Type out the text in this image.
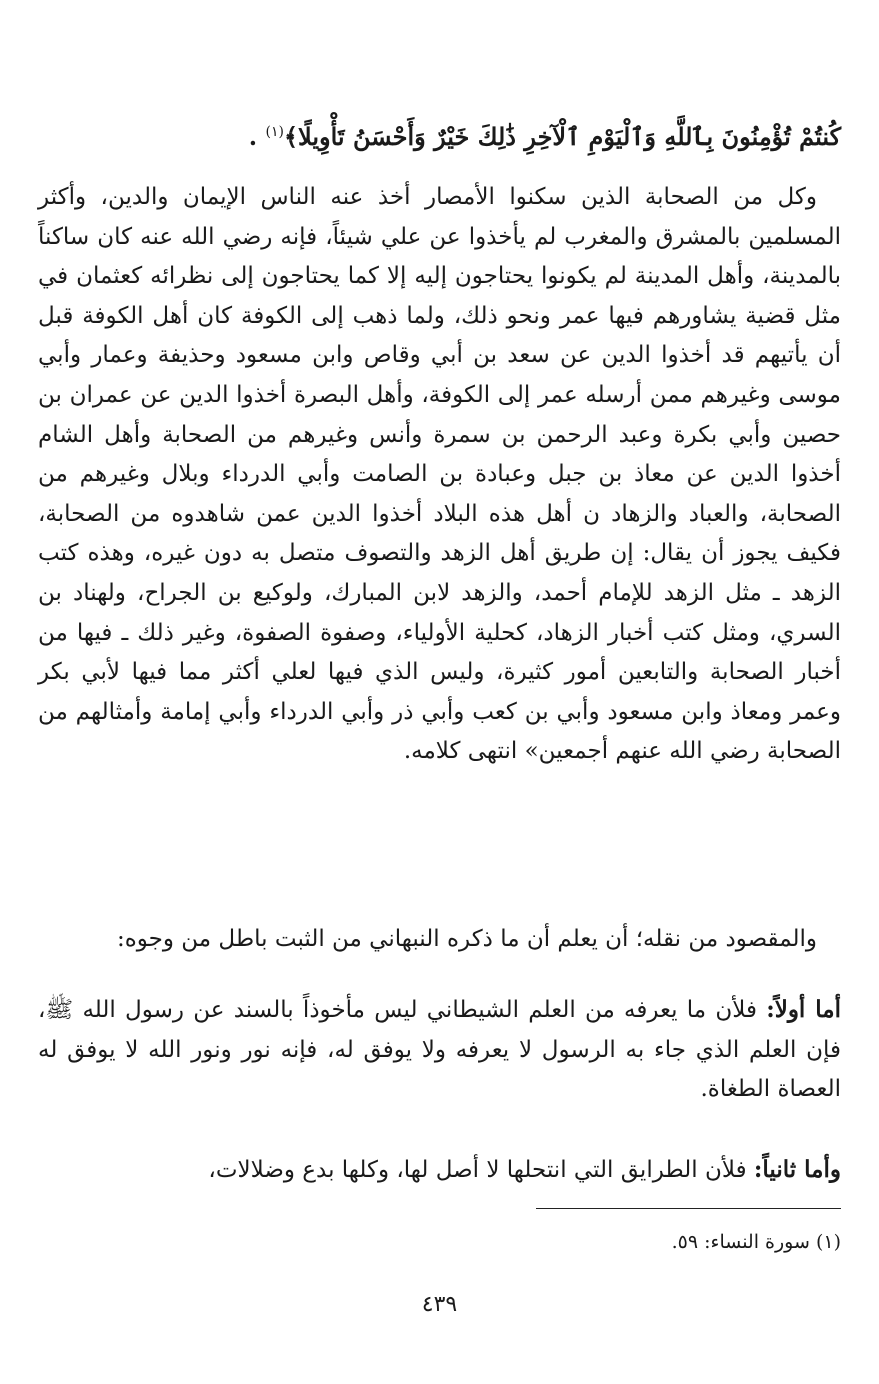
كُنتُمْ تُؤْمِنُونَ بِٱللَّهِ وَٱلْيَوْمِ ٱلْآخِرِ ذَٰلِكَ خَيْرٌ وَأَحْسَنُ تَأْوِيلًا﴾$^{(١)}$ .
وكل من الصحابة الذين سكنوا الأمصار أخذ عنه الناس الإيمان والدين، وأكثر المسلمين بالمشرق والمغرب لم يأخذوا عن علي شيئاً، فإنه رضي الله عنه كان ساكناً بالمدينة، وأهل المدينة لم يكونوا يحتاجون إليه إلا كما يحتاجون إلى نظرائه كعثمان في مثل قضية يشاورهم فيها عمر ونحو ذلك، ولما ذهب إلى الكوفة كان أهل الكوفة قبل أن يأتيهم قد أخذوا الدين عن سعد بن أبي وقاص وابن مسعود وحذيفة وعمار وأبي موسى وغيرهم ممن أرسله عمر إلى الكوفة، وأهل البصرة أخذوا الدين عن عمران بن حصين وأبي بكرة وعبد الرحمن بن سمرة وأنس وغيرهم من الصحابة وأهل الشام أخذوا الدين عن معاذ بن جبل وعبادة بن الصامت وأبي الدرداء وبلال وغيرهم من الصحابة، والعباد والزهاد ن أهل هذه البلاد أخذوا الدين عمن شاهدوه من الصحابة، فكيف يجوز أن يقال: إن طريق أهل الزهد والتصوف متصل به دون غيره، وهذه كتب الزهد ـ مثل الزهد للإمام أحمد، والزهد لابن المبارك، ولوكيع بن الجراح، ولهناد بن السري، ومثل كتب أخبار الزهاد، كحلية الأولياء، وصفوة الصفوة، وغير ذلك ـ فيها من أخبار الصحابة والتابعين أمور كثيرة، وليس الذي فيها لعلي أكثر مما فيها لأبي بكر وعمر ومعاذ وابن مسعود وأبي بن كعب وأبي ذر وأبي الدرداء وأبي إمامة وأمثالهم من الصحابة رضي الله عنهم أجمعين» انتهى كلامه.
والمقصود من نقله؛ أن يعلم أن ما ذكره النبهاني من الثبت باطل من وجوه:
أما أولاً: فلأن ما يعرفه من العلم الشيطاني ليس مأخوذاً بالسند عن رسول الله ﷺ، فإن العلم الذي جاء به الرسول لا يعرفه ولا يوفق له، فإنه نور ونور الله لا يوفق له العصاة الطغاة.
وأما ثانياً: فلأن الطرايق التي انتحلها لا أصل لها، وكلها بدع وضلالات،
(١) سورة النساء: ٥٩.
٤٣٩
